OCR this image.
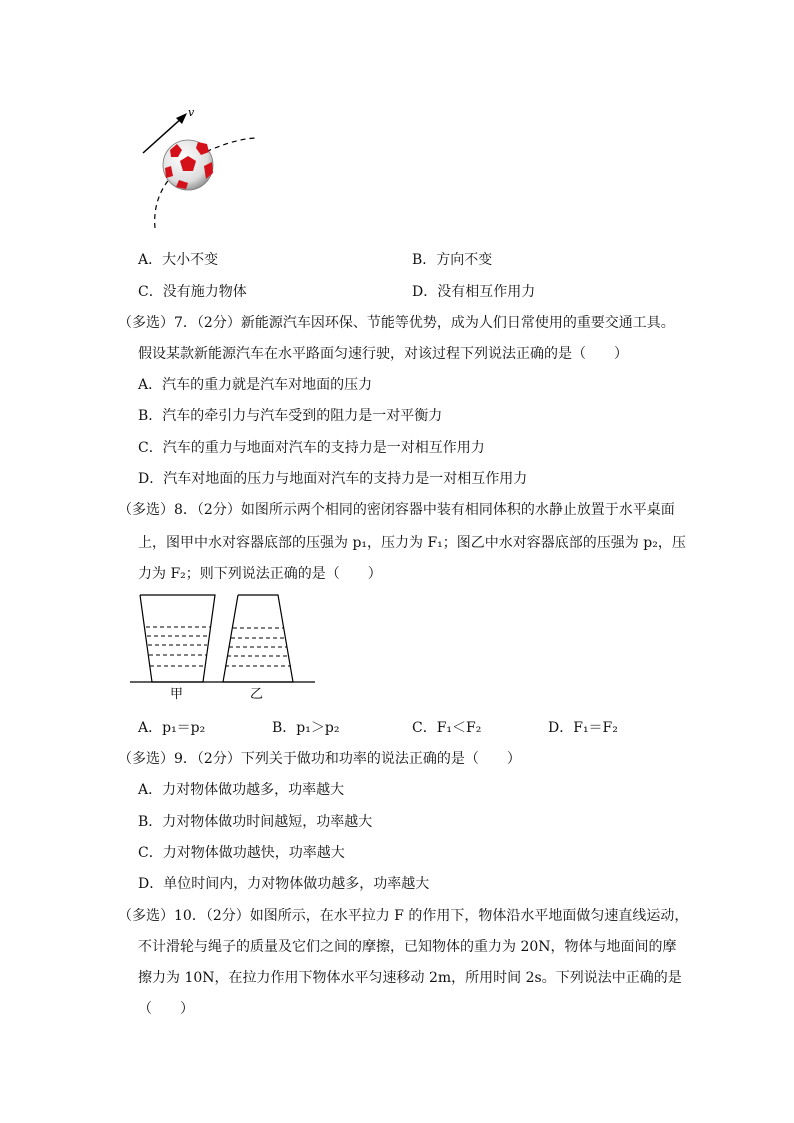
v
A．大小不变	B．方向不变
C．没有施力物体	D．没有相互作用力
（多选）7．（2分）新能源汽车因环保、节能等优势，成为人们日常使用的重要交通工具。
假设某款新能源汽车在水平路面匀速行驶，对该过程下列说法正确的是（　　）
A．汽车的重力就是汽车对地面的压力
B．汽车的牵引力与汽车受到的阻力是一对平衡力
C．汽车的重力与地面对汽车的支持力是一对相互作用力
D．汽车对地面的压力与地面对汽车的支持力是一对相互作用力
（多选）8．（2分）如图所示两个相同的密闭容器中装有相同体积的水静止放置于水平桌面
上，图甲中水对容器底部的压强为 p₁，压力为 F₁；图乙中水对容器底部的压强为 p₂，压
力为 F₂；则下列说法正确的是（　　）
甲	乙
A．p₁＝p₂	B．p₁＞p₂	C．F₁＜F₂	D．F₁＝F₂
（多选）9．（2分）下列关于做功和功率的说法正确的是（　　）
A．力对物体做功越多，功率越大
B．力对物体做功时间越短，功率越大
C．力对物体做功越快，功率越大
D．单位时间内，力对物体做功越多，功率越大
（多选）10．（2分）如图所示，在水平拉力 F 的作用下，物体沿水平地面做匀速直线运动，
不计滑轮与绳子的质量及它们之间的摩擦，已知物体的重力为 20N，物体与地面间的摩
擦力为 10N，在拉力作用下物体水平匀速移动 2m，所用时间 2s。下列说法中正确的是
（　　）
